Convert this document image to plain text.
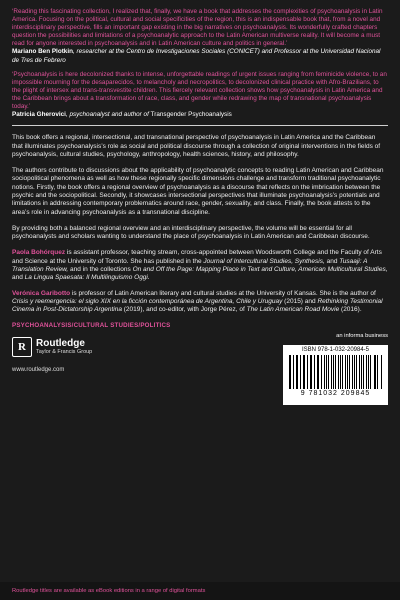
‘Reading this fascinating collection, I realized that, finally, we have a book that addresses the complexities of psychoanalysis in Latin America. Focusing on the political, cultural and social specificities of the region, this is an indispensable book that, from a novel and interdisciplinary perspective, fills an important gap existing in the big narratives on psychoanalysis. Its wonderfully crafted chapters question the possibilities and limitations of a psychoanalytic approach to the Latin American multiverse reality. It will become a must read for anyone interested in psychoanalysis and in Latin American culture and politics in general.’

Mariano Ben Plotkin, researcher at the Centro de Investigaciones Sociales (CONICET) and Professor at the Universidad Nacional de Tres de Febrero

‘Psychoanalysis is here decolonized thanks to intense, unforgettable readings of urgent issues ranging from feminicide violence, to an impossible mourning for the desaparecidos, to melancholy and necropolitics, to decolonized clinical practice with Afro-Brazilians, to the plight of intersex and trans-transvestite children. This fiercely relevant collection shows how psychoanalysis in Latin America and the Caribbean brings about a transformation of race, class, and gender while redrawing the map of transnational psychoanalysis today.’

Patricia Gherovici, psychoanalyst and author of Transgender Psychoanalysis

This book offers a regional, intersectional, and transnational perspective of psychoanalysis in Latin America and the Caribbean that illuminates psychoanalysis’s role as social and political discourse through a collection of original interventions in the fields of psychoanalysis, cultural studies, psychology, anthropology, health sciences, history, and philosophy.

The authors contribute to discussions about the applicability of psychoanalytic concepts to reading Latin American and Caribbean sociopolitical phenomena as well as how these regionally specific dimensions challenge and transform traditional psychoanalytic notions. Firstly, the book offers a regional overview of psychoanalysis as a discourse that reflects on the imbrication between the psychic and the sociopolitical. Secondly, it showcases intersectional perspectives that illuminate psychoanalysis’s potentials and limitations in addressing contemporary problematics around race, gender, sexuality, and class. Finally, the book attests to the area’s role in advancing psychoanalysis as a transnational discipline.

By providing both a balanced regional overview and an interdisciplinary perspective, the volume will be essential for all psychoanalysts and scholars wanting to understand the place of psychoanalysis in Latin American and Caribbean discourse.

Paola Bohórquez is assistant professor, teaching stream, cross-appointed between Woodsworth College and the Faculty of Arts and Science at the University of Toronto. She has published in the Journal of Intercultural Studies, Synthesis, and Tusaaji: A Translation Review, and in the collections On and Off the Page: Mapping Place in Text and Culture, American Multicultural Studies, and La Lingua Spaesata: Il Multilinguismo Oggi.

Verónica Garibotto is professor of Latin American literary and cultural studies at the University of Kansas. She is the author of Crisis y reemergencia: el siglo XIX en la ficción contemporánea de Argentina, Chile y Uruguay (2015) and Rethinking Testimonial Cinema in Post-Dictatorship Argentina (2019), and co-editor, with Jorge Pérez, of The Latin American Road Movie (2016).

PSYCHOANALYSIS/CULTURAL STUDIES/POLITICS
R	Routledge
Taylor & Francis Group
www.routledge.com
an informa business
ISBN 978-1-032-20984-5
9 781032 209845
Routledge titles are available as eBook editions in a range of digital formats
